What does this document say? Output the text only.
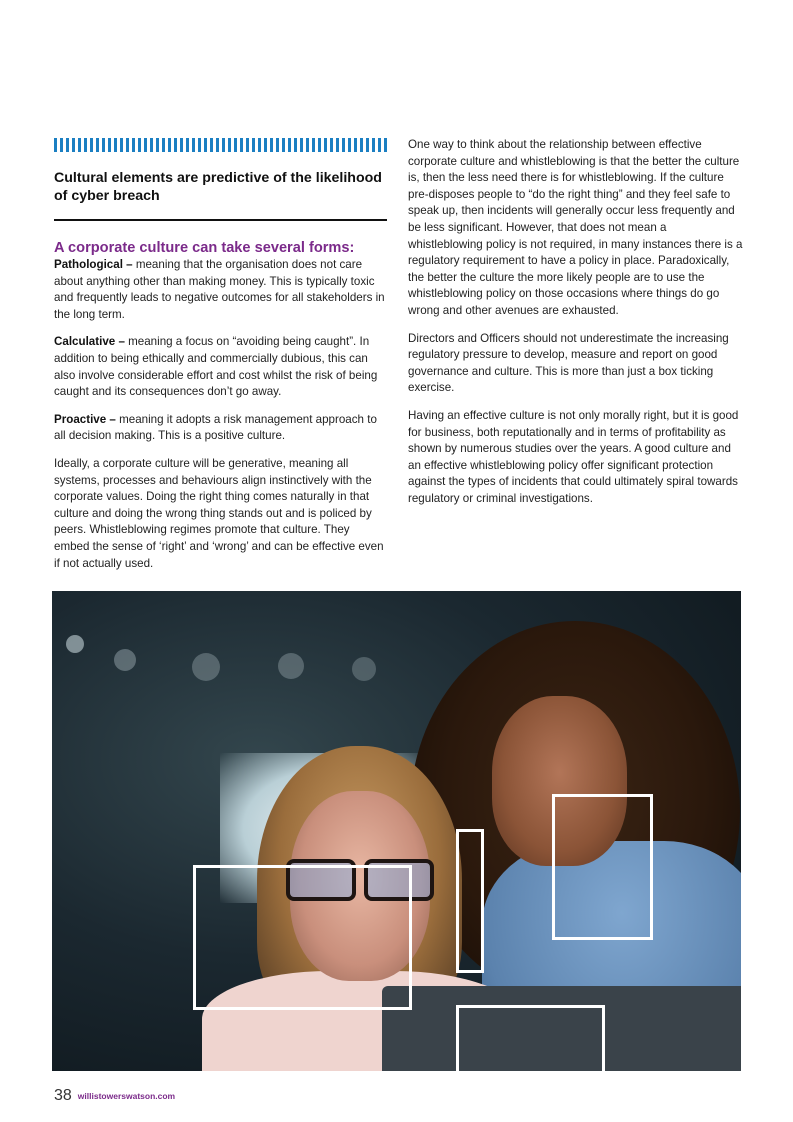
Cultural elements are predictive of the likelihood of cyber breach
A corporate culture can take several forms:

Pathological – meaning that the organisation does not care about anything other than making money. This is typically toxic and frequently leads to negative outcomes for all stakeholders in the long term.

Calculative – meaning a focus on “avoiding being caught”. In addition to being ethically and commercially dubious, this can also involve considerable effort and cost whilst the risk of being caught and its consequences don’t go away.

Proactive – meaning it adopts a risk management approach to all decision making. This is a positive culture.

Ideally, a corporate culture will be generative, meaning all systems, processes and behaviours align instinctively with the corporate values. Doing the right thing comes naturally in that culture and doing the wrong thing stands out and is policed by peers. Whistleblowing regimes promote that culture. They embed the sense of ‘right’ and ‘wrong’ and can be effective even if not actually used.

One way to think about the relationship between effective corporate culture and whistleblowing is that the better the culture is, then the less need there is for whistleblowing. If the culture pre-disposes people to “do the right thing” and they feel safe to speak up, then incidents will generally occur less frequently and be less significant. However, that does not mean a whistleblowing policy is not required, in many instances there is a regulatory requirement to have a policy in place. Paradoxically, the better the culture the more likely people are to use the whistleblowing policy on those occasions where things do go wrong and other avenues are exhausted.

Directors and Officers should not underestimate the increasing regulatory pressure to develop, measure and report on good governance and culture. This is more than just a box ticking exercise.

Having an effective culture is not only morally right, but it is good for business, both reputationally and in terms of profitability as shown by numerous studies over the years. A good culture and an effective whistleblowing policy offer significant protection against the types of incidents that could ultimately spiral towards regulatory or criminal investigations.

38 willistowerswatson.com
